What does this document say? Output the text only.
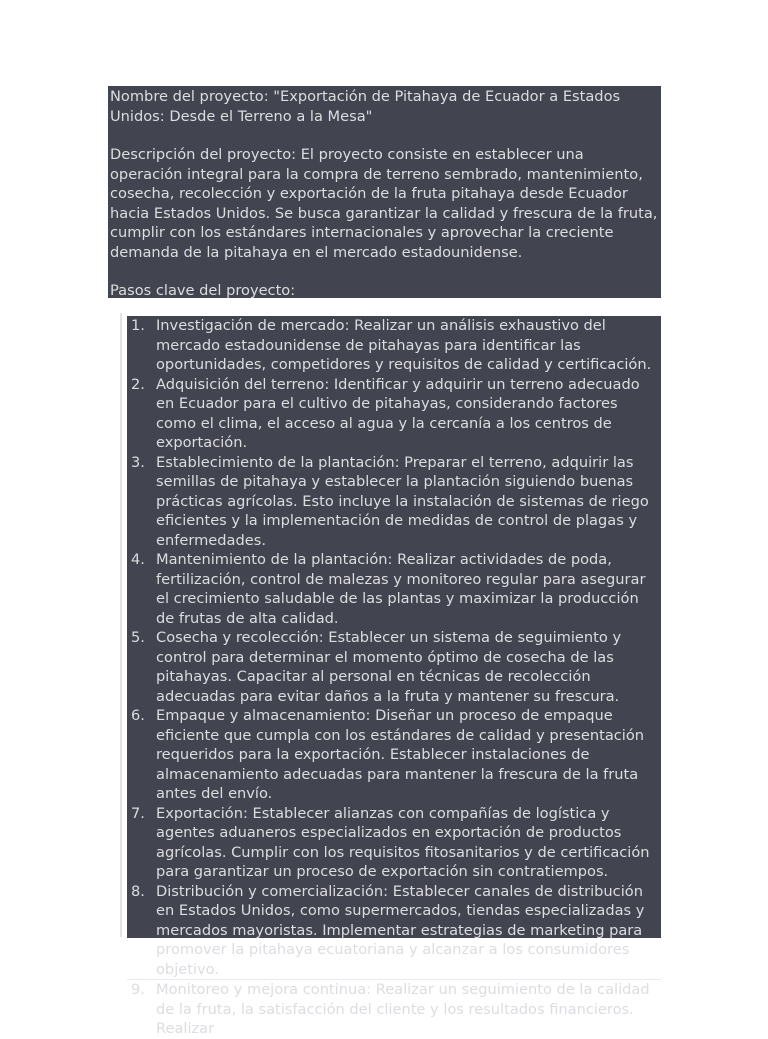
Nombre del proyecto: "Exportación de Pitahaya de Ecuador a Estados Unidos: Desde el Terreno a la Mesa"

Descripción del proyecto: El proyecto consiste en establecer una operación integral para la compra de terreno sembrado, mantenimiento, cosecha, recolección y exportación de la fruta pitahaya desde Ecuador hacia Estados Unidos. Se busca garantizar la calidad y frescura de la fruta, cumplir con los estándares internacionales y aprovechar la creciente demanda de la pitahaya en el mercado estadounidense.

Pasos clave del proyecto:

1. Investigación de mercado: Realizar un análisis exhaustivo del mercado estadounidense de pitahayas para identificar las oportunidades, competidores y requisitos de calidad y certificación.
2. Adquisición del terreno: Identificar y adquirir un terreno adecuado en Ecuador para el cultivo de pitahayas, considerando factores como el clima, el acceso al agua y la cercanía a los centros de exportación.
3. Establecimiento de la plantación: Preparar el terreno, adquirir las semillas de pitahaya y establecer la plantación siguiendo buenas prácticas agrícolas. Esto incluye la instalación de sistemas de riego eficientes y la implementación de medidas de control de plagas y enfermedades.
4. Mantenimiento de la plantación: Realizar actividades de poda, fertilización, control de malezas y monitoreo regular para asegurar el crecimiento saludable de las plantas y maximizar la producción de frutas de alta calidad.
5. Cosecha y recolección: Establecer un sistema de seguimiento y control para determinar el momento óptimo de cosecha de las pitahayas. Capacitar al personal en técnicas de recolección adecuadas para evitar daños a la fruta y mantener su frescura.
6. Empaque y almacenamiento: Diseñar un proceso de empaque eficiente que cumpla con los estándares de calidad y presentación requeridos para la exportación. Establecer instalaciones de almacenamiento adecuadas para mantener la frescura de la fruta antes del envío.
7. Exportación: Establecer alianzas con compañías de logística y agentes aduaneros especializados en exportación de productos agrícolas. Cumplir con los requisitos fitosanitarios y de certificación para garantizar un proceso de exportación sin contratiempos.
8. Distribución y comercialización: Establecer canales de distribución en Estados Unidos, como supermercados, tiendas especializadas y mercados mayoristas. Implementar estrategias de marketing para promover la pitahaya ecuatoriana y alcanzar a los consumidores objetivo.
9. Monitoreo y mejora continua: Realizar un seguimiento de la calidad de la fruta, la satisfacción del cliente y los resultados financieros. Realizar
